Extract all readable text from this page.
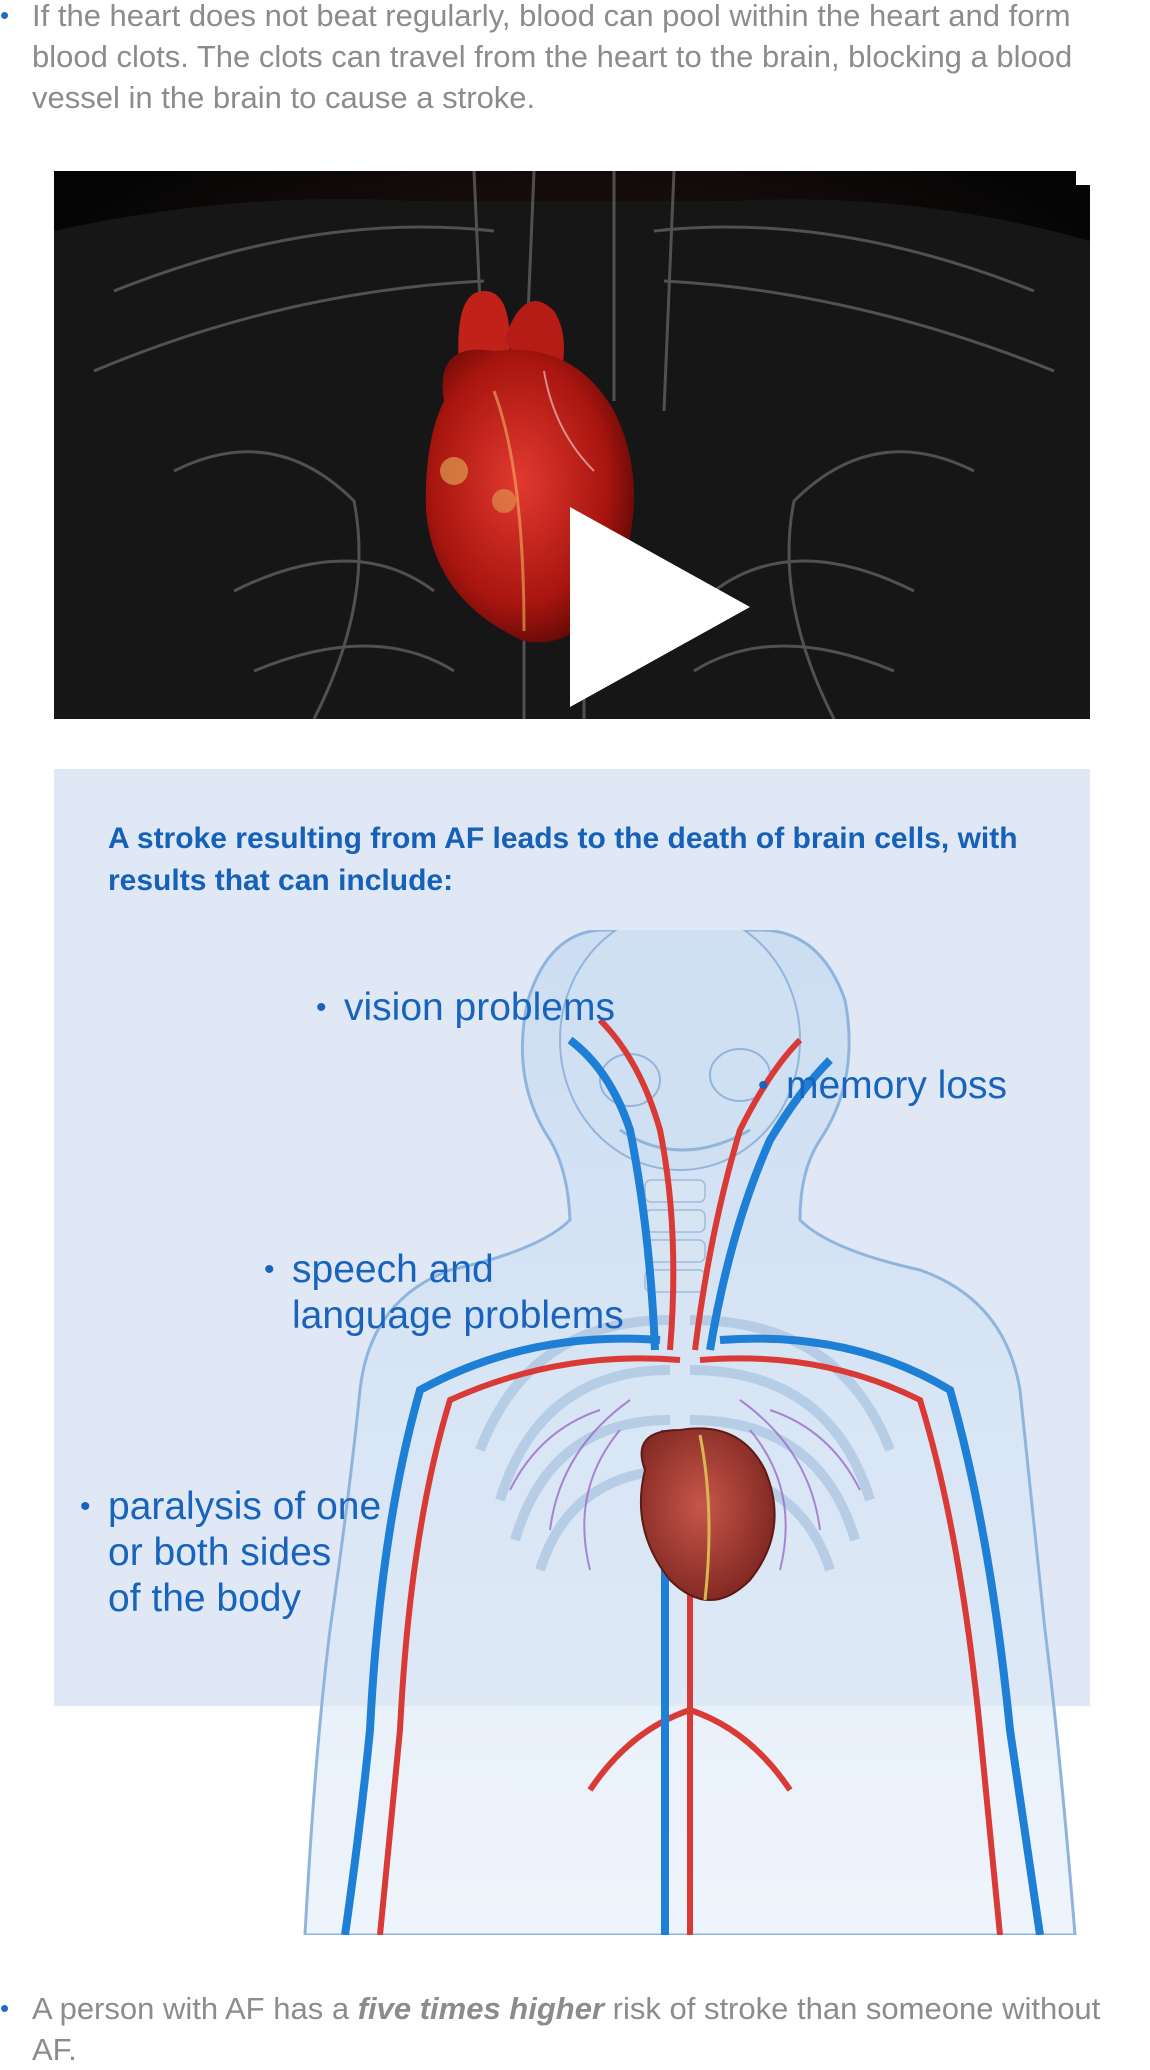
• If the heart does not beat regularly, blood can pool within the heart and form blood clots. The clots can travel from the heart to the brain, blocking a blood vessel in the brain to cause a stroke.
A stroke resulting from AF leads to the death of brain cells, with results that can include:
• vision problems
• memory loss
• speech and
language problems
• paralysis of one
or both sides
of the body
• A person with AF has a five times higher risk of stroke than someone without AF.
